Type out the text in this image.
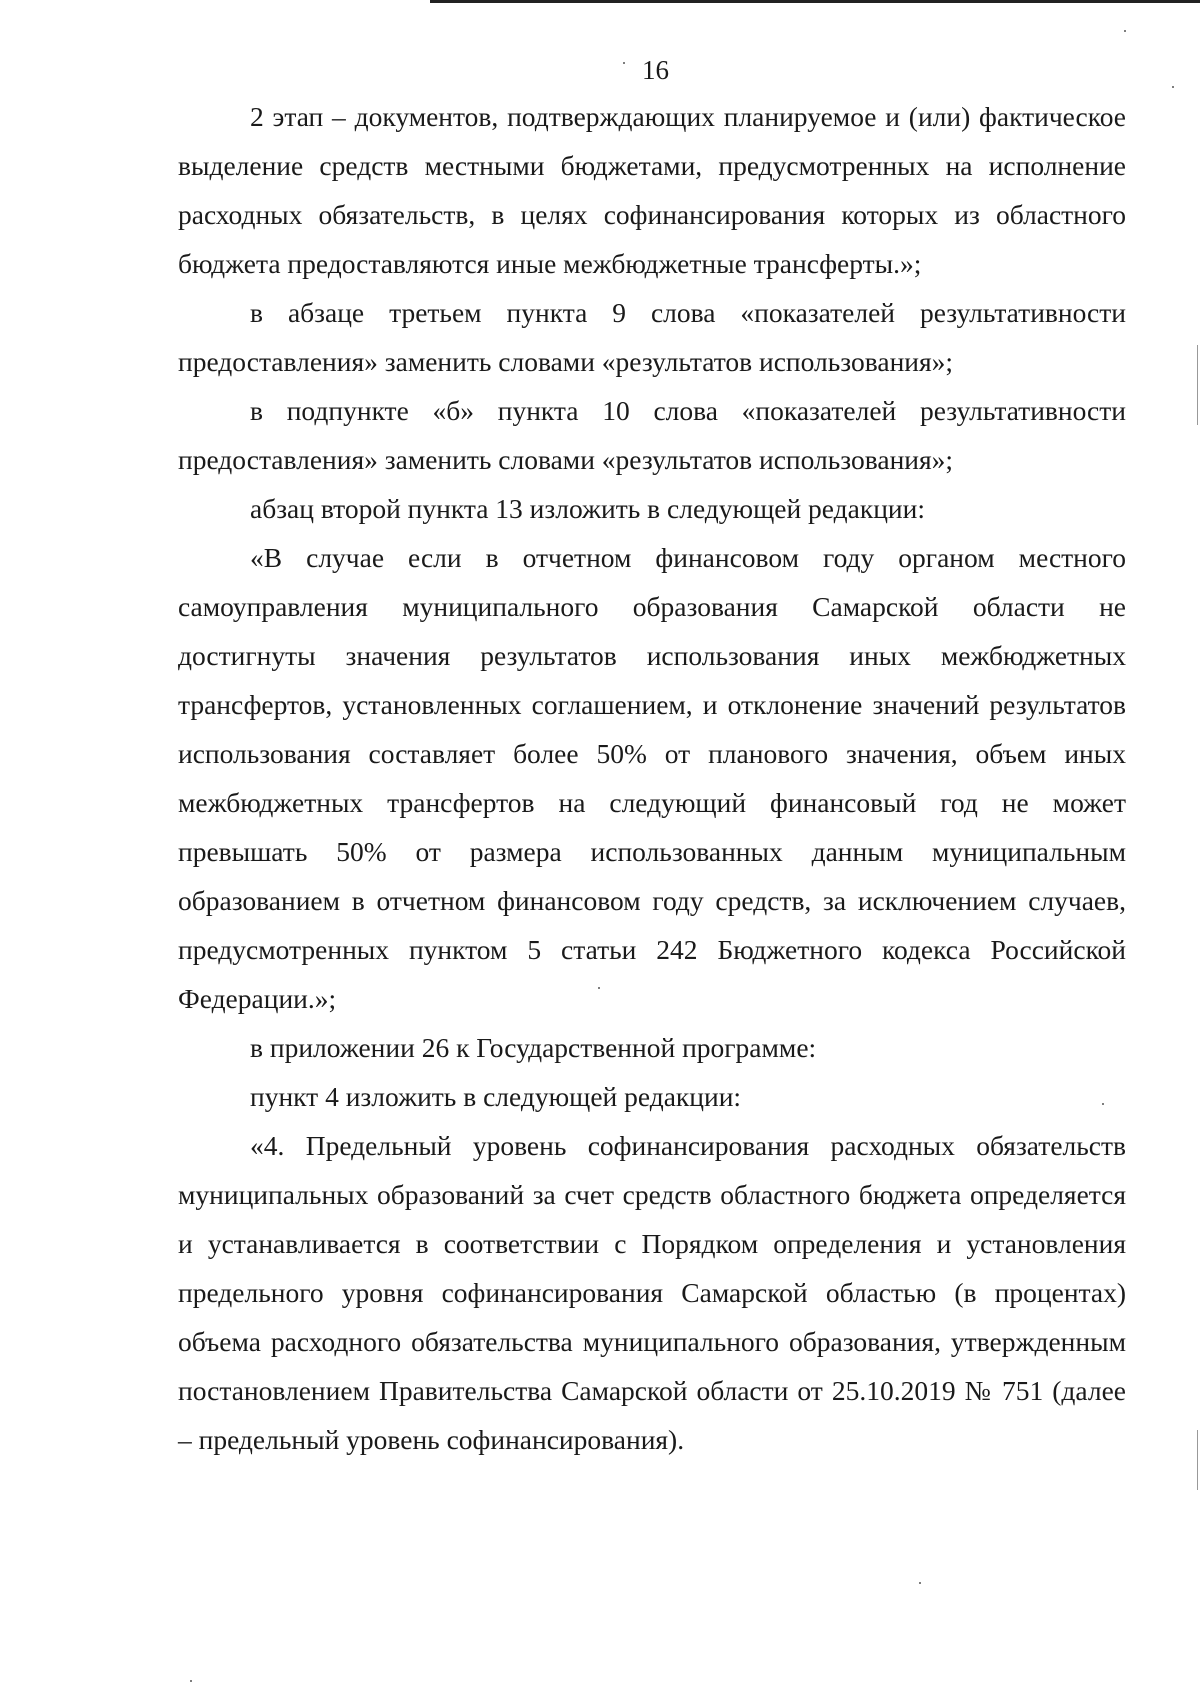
16

2 этап – документов, подтверждающих планируемое и (или) фактическое выделение средств местными бюджетами, предусмотренных на исполнение расходных обязательств, в целях софинансирования которых из областного бюджета предоставляются иные межбюджетные трансферты.»;

в абзаце третьем пункта 9 слова «показателей результативности предоставления» заменить словами «результатов использования»;

в подпункте «б» пункта 10 слова «показателей результативности предоставления» заменить словами «результатов использования»;

абзац второй пункта 13 изложить в следующей редакции:

«В случае если в отчетном финансовом году органом местного самоуправления муниципального образования Самарской области не достигнуты значения результатов использования иных межбюджетных трансфертов, установленных соглашением, и отклонение значений результатов использования составляет более 50% от планового значения, объем иных межбюджетных трансфертов на следующий финансовый год не может превышать 50% от размера использованных данным муниципальным образованием в отчетном финансовом году средств, за исключением случаев, предусмотренных пунктом 5 статьи 242 Бюджетного кодекса Российской Федерации.»;

в приложении 26 к Государственной программе:

пункт 4 изложить в следующей редакции:

«4. Предельный уровень софинансирования расходных обязательств муниципальных образований за счет средств областного бюджета определяется и устанавливается в соответствии с Порядком определения и установления предельного уровня софинансирования Самарской областью (в процентах) объема расходного обязательства муниципального образования, утвержденным постановлением Правительства Самарской области от 25.10.2019 № 751 (далее – предельный уровень софинансирования).
